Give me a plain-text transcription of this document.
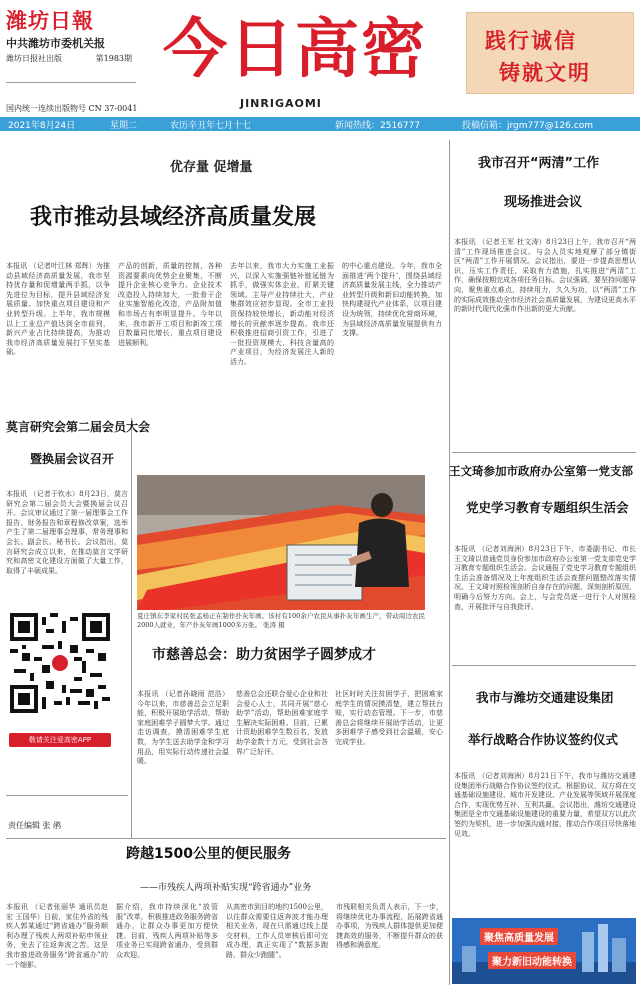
潍坊日報
中共潍坊市委机关报
潍坊日报社出版	第1983期
国内统一连续出版物号 CN 37-0041
今日高密
JINRIGAOMI
践行诚信
铸就文明
2021年8月24日	星期二	农历辛丑年七月十七	新闻热线：2516777	投稿信箱：jrgm777@126.com
优存量 促增量
我市推动县域经济高质量发展
本报讯 （记者叶江林 郑辉）为推动县域经济高质量发展，我市坚持优存量和促增量两手抓，以争先进位为目标，提升县域经济发展质量。加快重点项目建设和产业转型升级。上半年，我市规模以上工业总产值达到全市前列，新兴产业占比持续提高，为推动我市经济高质量发展打下坚实基础。
产品的创新，质量的控制，各种资源要素向优势企业聚集，不断提升企业核心竞争力。企业技术改造投入持续加大，一批骨干企业实施智能化改造，产品附加值和市场占有率明显提升。今年以来，我市新开工项目和新竣工项目数量同比增长，重点项目建设进展顺利。
去年以来，我市大力实施工业振兴，以深入实施强链补链延链为抓手，做强实体企业，盯紧关键领域。主导产业持续壮大，产业集群效应初步显现。全市工业投资保持较快增长，新动能对经济增长的贡献率逐步提高。我市还积极推进招商引资工作，引进了一批投资规模大、科技含量高的产业项目，为经济发展注入新的活力。
的中心重点建设。今年，我市全面推进‘两个提升’，围绕县域经济高质量发展主线，全力推动产业转型升级和新旧动能转换，加快构建现代产业体系，以项目建设为统领，持续优化营商环境，为县域经济高质量发展提供有力支撑。
莫言研究会第二届会员大会
暨换届会议召开
本报讯 （记者于钦水）8月23日，莫言研究会第二届会员大会暨换届会议召开。会议审议通过了第一届理事会工作报告、财务报告和章程修改草案，选举产生了第二届理事会理事、常务理事和会长、副会长、秘书长。会议指出，莫言研究会成立以来，在推动莫言文学研究和高密文化建设方面做了大量工作，取得了丰硕成果。
敬请关注爱高密APP
责任编辑 张 鹃
夏庄镇东李家村民张孟杨正在制作扑灰年画。该村有100余户农民从事扑灰年画生产，带动周边农民2000人就业，年产扑灰年画1000多万张。 张涛 摄
市慈善总会：助力贫困学子圆梦成才
本报讯 （记者孙晓雨 范浩）今年以来，市慈善总会立足职能，积极开展助学活动，帮助家庭困难学子圆梦大学。通过走访调查，摸清困难学生底数，为学生送去助学金和学习用品，用实际行动传递社会温暖。
慈善总会还联合爱心企业和社会爱心人士，共同开展“慈心助学”活动，帮助困难家庭学生解决实际困难。目前，已累计资助困难学生数百名，发放助学金数十万元，受到社会各界广泛好评。
社区时时关注贫困学子，把困难家庭学生的情况摸清楚，建立帮扶台账，实行动态管理。下一步，市慈善总会将继续开展助学活动，让更多困难学子感受到社会温暖，安心完成学业。
跨越1500公里的便民服务
——市残疾人两项补贴实现“跨省通办”业务
本报讯 （记者张丽华 通讯员赵宏 王国华）日前，家住外省的残疾人郭某通过“跨省通办”服务顺利办理了残疾人两项补贴申领业务，免去了往返奔波之苦。这是我市推进政务服务“跨省通办”的一个缩影。
据介绍，我市持续深化“放管服”改革，积极推进政务服务跨省通办，让群众办事更加方便快捷。目前，残疾人两项补贴等多项业务已实现跨省通办，受到群众欢迎。
从高密市到目的地约1500公里，以往群众需要往返奔波才能办理相关业务，现在只需通过线上提交材料，工作人员审核后即可完成办理，真正实现了“数据多跑路、群众少跑腿”。
市残联相关负责人表示，下一步，将继续优化办事流程，拓展跨省通办事项，为残疾人群体提供更加便捷高效的服务，不断提升群众的获得感和满意度。
我市召开“两清”工作
现场推进会议
本报讯 （记者王军 杜文涛）8月23日上午，我市召开“两清”工作现场推进会议。与会人员实地观摩了部分镇街区“两清”工作开展情况。会议指出，要进一步提高思想认识，压实工作责任，采取有力措施，扎实推进“两清”工作，确保按期完成各项任务目标。会议强调，要坚持问题导向，聚焦重点难点，持续用力，久久为功，以“两清”工作的实际成效推动全市经济社会高质量发展，为建设更高水平的新时代现代化强市作出新的更大贡献。
王文琦参加市政府办公室第一党支部
党史学习教育专题组织生活会
本报讯 （记者刘海洲）8月23日下午，市委副书记、市长王文琦以普通党员身份参加市政府办公室第一党支部党史学习教育专题组织生活会。会议通报了党史学习教育专题组织生活会准备情况及上年度组织生活会查摆问题整改落实情况。王文琦对照检视剖析自身存在的问题，深刻剖析原因，明确今后努力方向。会上，与会党员逐一进行个人对照检查，开展批评与自我批评。
我市与潍坊交通建设集团
举行战略合作协议签约仪式
本报讯 （记者刘海洲）8月21日下午，我市与潍坊交通建设集团举行战略合作协议签约仪式。根据协议，双方将在交通基础设施建设、城市开发建设、产业发展等领域开展深度合作，实现优势互补、互利共赢。会议指出，潍坊交通建设集团是全市交通基础设施建设的重要力量，希望双方以此次签约为契机，进一步加强沟通对接，推动合作项目尽快落地见效。
聚焦高质量发展
聚力新旧动能转换
